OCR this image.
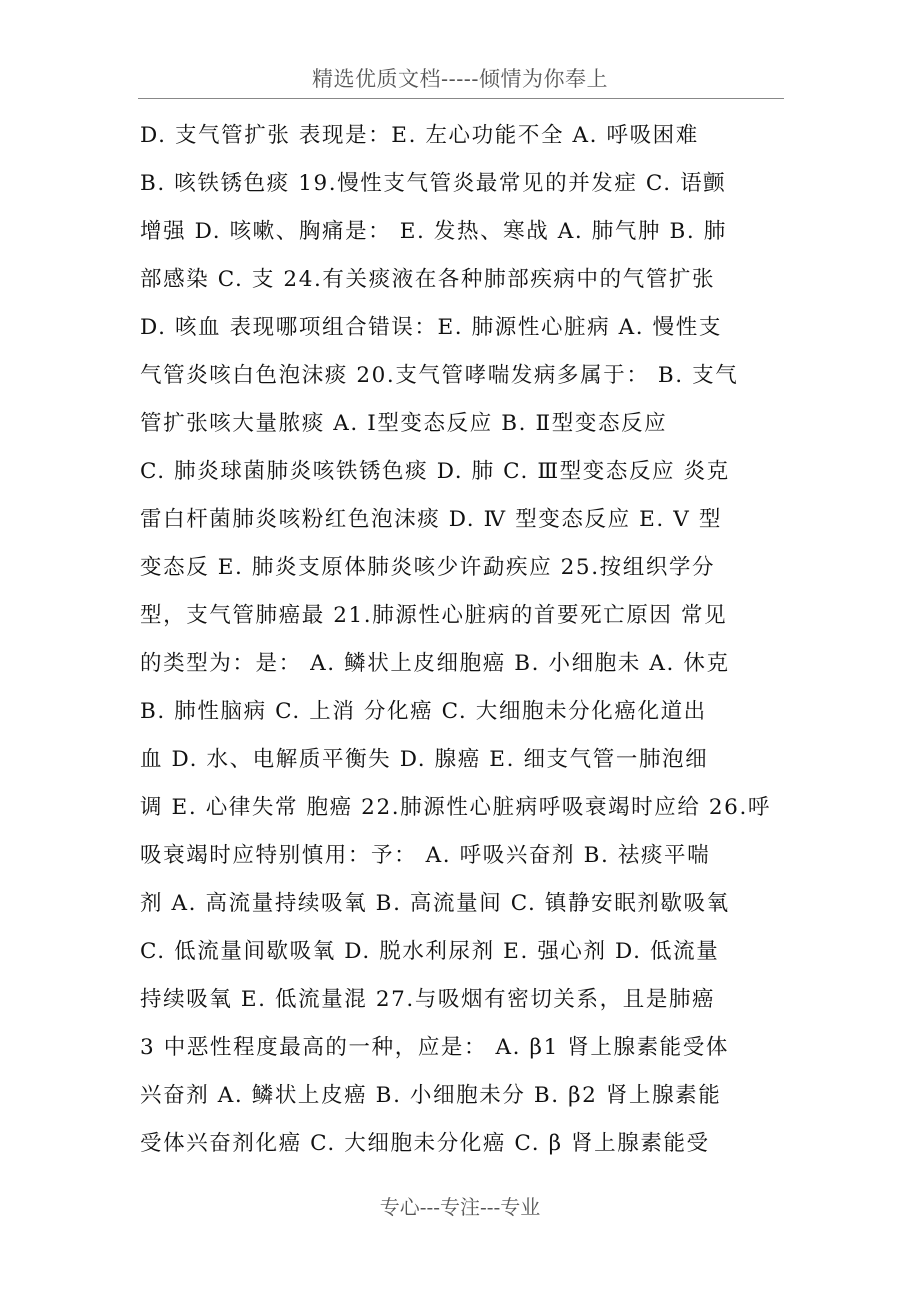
精选优质文档-----倾情为你奉上
D. 支气管扩张 表现是：E. 左心功能不全 A. 呼吸困难
B. 咳铁锈色痰 19.慢性支气管炎最常见的并发症 C. 语颤
增强 D. 咳嗽、胸痛是： E. 发热、寒战 A. 肺气肿 B. 肺
部感染 C. 支 24.有关痰液在各种肺部疾病中的气管扩张
D. 咳血 表现哪项组合错误：E. 肺源性心脏病 A. 慢性支
气管炎咳白色泡沫痰 20.支气管哮喘发病多属于： B. 支气
管扩张咳大量脓痰 A. Ⅰ型变态反应 B. Ⅱ型变态反应
C. 肺炎球菌肺炎咳铁锈色痰 D. 肺 C. Ⅲ型变态反应 炎克
雷白杆菌肺炎咳粉红色泡沫痰 D. Ⅳ 型变态反应 E. Ⅴ 型
变态反 E. 肺炎支原体肺炎咳少许勐疾应 25.按组织学分
型，支气管肺癌最 21.肺源性心脏病的首要死亡原因 常见
的类型为：是： A. 鳞状上皮细胞癌 B. 小细胞未 A. 休克
B. 肺性脑病 C. 上消 分化癌 C. 大细胞未分化癌化道出
血 D. 水、电解质平衡失 D. 腺癌 E. 细支气管一肺泡细
调 E. 心律失常 胞癌 22.肺源性心脏病呼吸衰竭时应给 26.呼
吸衰竭时应特别慎用：予： A. 呼吸兴奋剂 B. 祛痰平喘
剂 A. 高流量持续吸氧 B. 高流量间 C. 镇静安眠剂歇吸氧
C. 低流量间歇吸氧 D. 脱水利尿剂 E. 强心剂 D. 低流量
持续吸氧 E. 低流量混 27.与吸烟有密切关系，且是肺癌
3 中恶性程度最高的一种，应是： A. β1 肾上腺素能受体
兴奋剂 A. 鳞状上皮癌 B. 小细胞未分 B. β2 肾上腺素能
受体兴奋剂化癌 C. 大细胞未分化癌 C. β 肾上腺素能受
专心---专注---专业
